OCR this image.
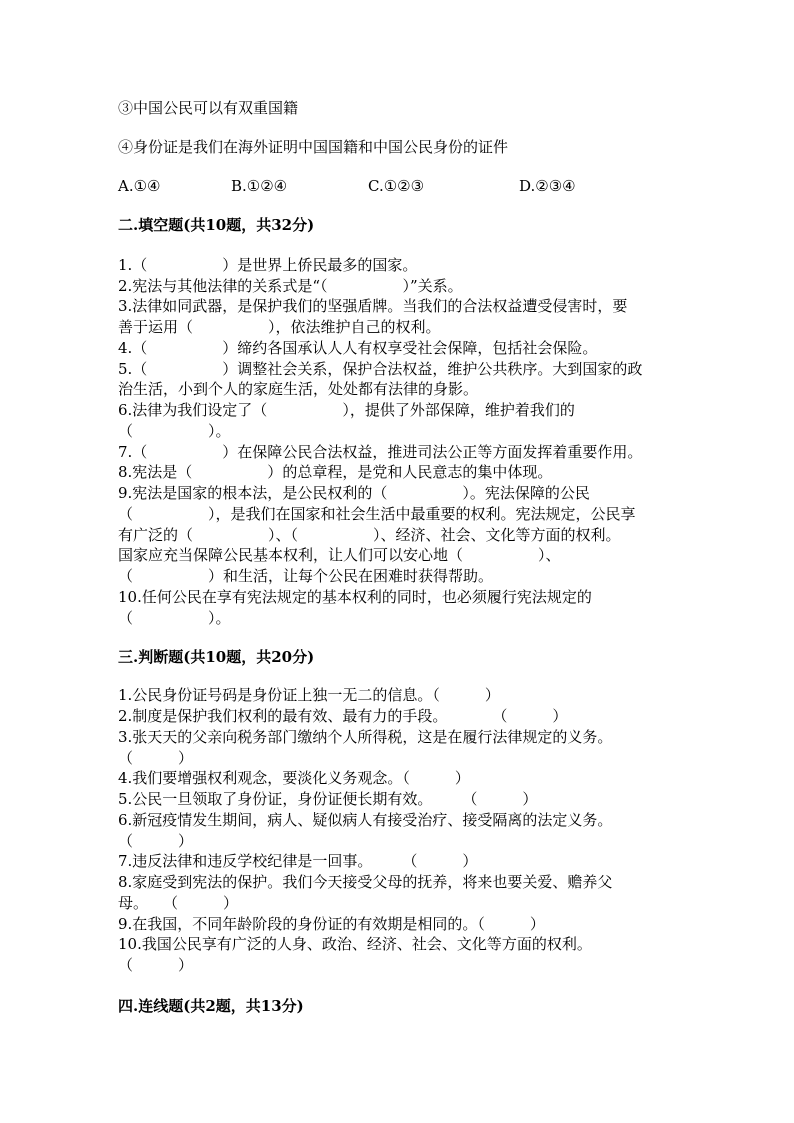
③中国公民可以有双重国籍
④身份证是我们在海外证明中国国籍和中国公民身份的证件
A.①④	B.①②④	C.①②③	D.②③④
二.填空题(共10题，共32分)
1.（　　　　　）是世界上侨民最多的国家。
2.宪法与其他法律的关系式是“（　　　　　）”关系。
3.法律如同武器，是保护我们的坚强盾牌。当我们的合法权益遭受侵害时，要
善于运用（　　　　　），依法维护自己的权利。
4.（　　　　　）缔约各国承认人人有权享受社会保障，包括社会保险。
5.（　　　　　）调整社会关系，保护合法权益，维护公共秩序。大到国家的政
治生活，小到个人的家庭生活，处处都有法律的身影。
6.法律为我们设定了（　　　　　），提供了外部保障，维护着我们的
（　　　　　）。
7.（　　　　　）在保障公民合法权益，推进司法公正等方面发挥着重要作用。
8.宪法是（　　　　　）的总章程，是党和人民意志的集中体现。
9.宪法是国家的根本法，是公民权利的（　　　　　）。宪法保障的公民
（　　　　　），是我们在国家和社会生活中最重要的权利。宪法规定，公民享
有广泛的（　　　　　）、（　　　　　）、经济、社会、文化等方面的权利。
国家应充当保障公民基本权利，让人们可以安心地（　　　　　）、
（　　　　　）和生活，让每个公民在困难时获得帮助。
10.任何公民在享有宪法规定的基本权利的同时，也必须履行宪法规定的
（　　　　　）。
三.判断题(共10题，共20分)
1.公民身份证号码是身份证上独一无二的信息。（　　　）
2.制度是保护我们权利的最有效、最有力的手段。　　　　（　　　）
3.张天天的父亲向税务部门缴纳个人所得税，这是在履行法律规定的义务。
（　　　）
4.我们要增强权利观念，要淡化义务观念。（　　　）
5.公民一旦领取了身份证，身份证便长期有效。　　　（　　　）
6.新冠疫情发生期间，病人、疑似病人有接受治疗、接受隔离的法定义务。
（　　　）
7.违反法律和违反学校纪律是一回事。　　　（　　　）
8.家庭受到宪法的保护。我们今天接受父母的抚养，将来也要关爱、赡养父
母。　　（　　　）
9.在我国，不同年龄阶段的身份证的有效期是相同的。（　　　）
10.我国公民享有广泛的人身、政治、经济、社会、文化等方面的权利。
（　　　）
四.连线题(共2题，共13分)
